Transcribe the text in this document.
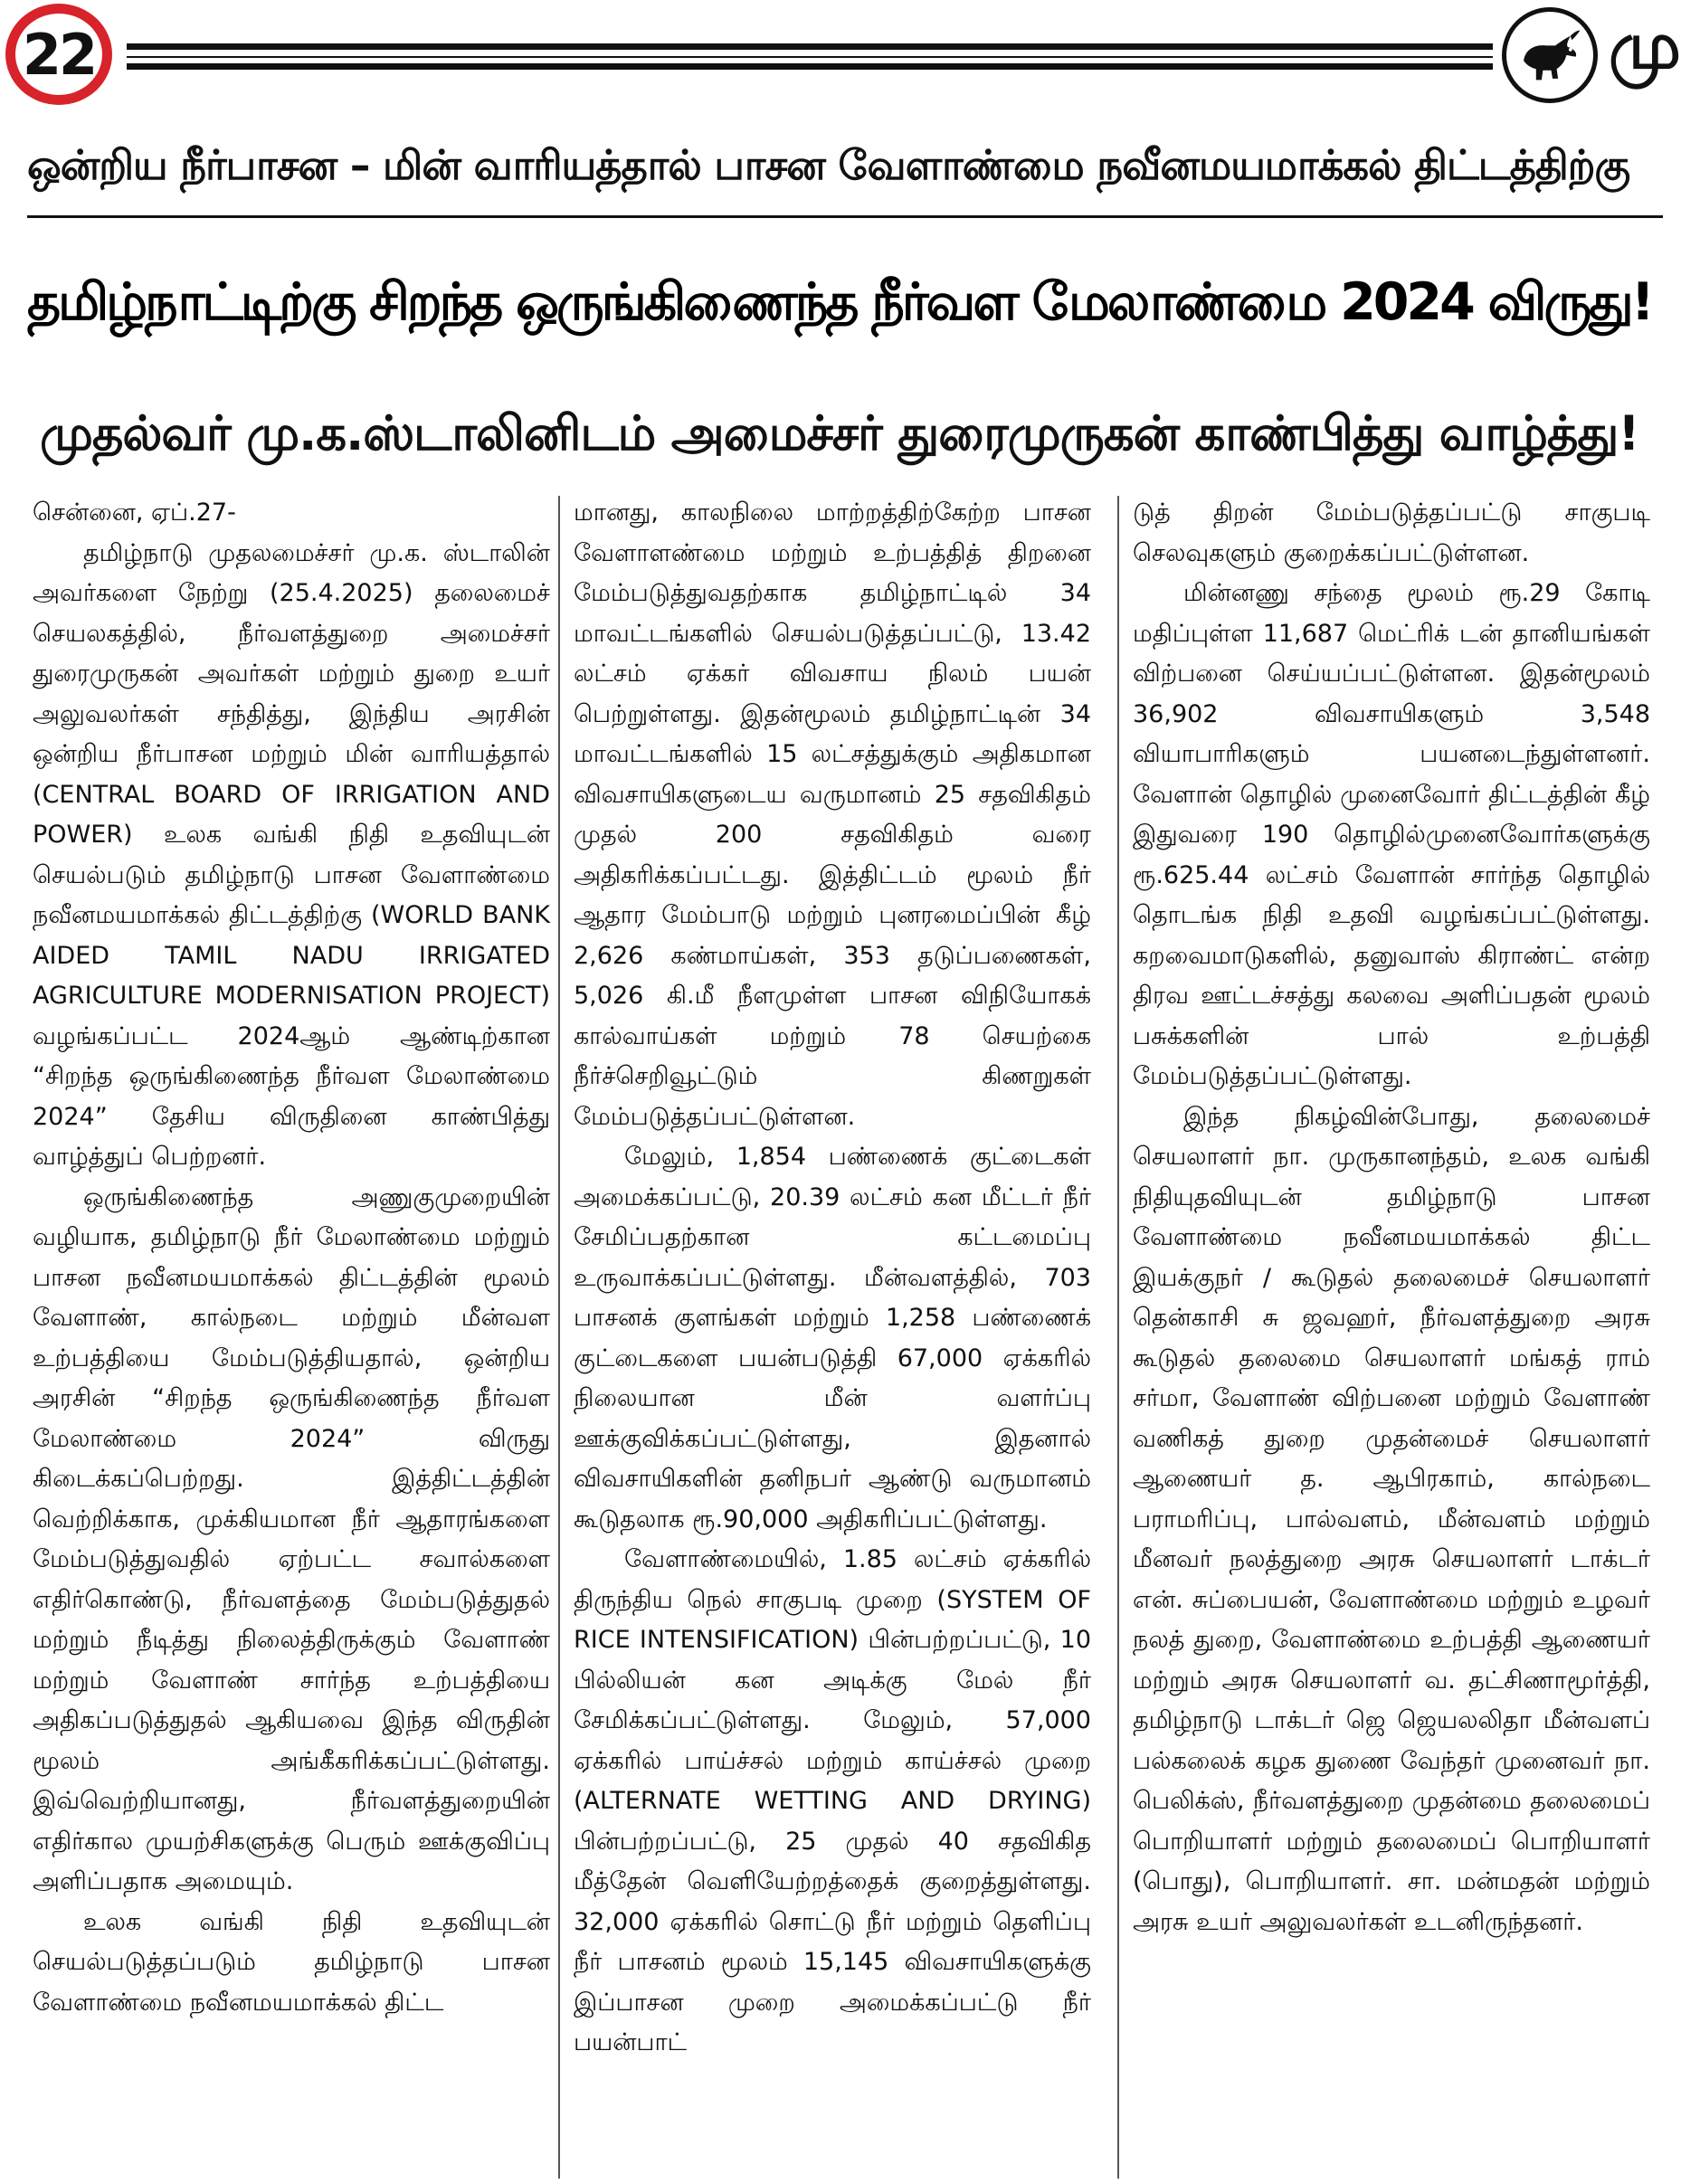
22	மு
ஒன்றிய நீர்பாசன – மின் வாரியத்தால் பாசன வேளாண்மை நவீனமயமாக்கல் திட்டத்திற்கு
தமிழ்நாட்டிற்கு சிறந்த ஒருங்கிணைந்த நீர்வள மேலாண்மை 2024 விருது!
முதல்வர் மு.க.ஸ்டாலினிடம் அமைச்சர் துரைமுருகன் காண்பித்து வாழ்த்து!

சென்னை, ஏப்.27-

தமிழ்நாடு முதலமைச்சர் மு.க. ஸ்டாலின் அவர்களை நேற்று (25.4.2025) தலைமைச் செயலகத்தில், நீர்வளத்துறை அமைச்சர் துரைமுருகன் அவர்கள் மற்றும் துறை உயர் அலுவலர்கள் சந்தித்து, இந்திய அரசின் ஒன்றிய நீர்பாசன மற்றும் மின் வாரியத்தால் (CENTRAL BOARD OF IRRIGATION AND POWER) உலக வங்கி நிதி உதவியுடன் செயல்படும் தமிழ்நாடு பாசன வேளாண்மை நவீனமயமாக்கல் திட்டத்திற்கு (WORLD BANK AIDED TAMIL NADU IRRIGATED AGRICULTURE MODERNISATION PROJECT) வழங்கப்பட்ட 2024ஆம் ஆண்டிற்கான “சிறந்த ஒருங்கிணைந்த நீர்வள மேலாண்மை 2024” தேசிய விருதினை காண்பித்து வாழ்த்துப் பெற்றனர்.

ஒருங்கிணைந்த அணுகுமுறையின் வழியாக, தமிழ்நாடு நீர் மேலாண்மை மற்றும் பாசன நவீனமயமாக்கல் திட்டத்தின் மூலம் வேளாண், கால்நடை மற்றும் மீன்வள உற்பத்தியை மேம்படுத்தியதால், ஒன்றிய அரசின் “சிறந்த ஒருங்கிணைந்த நீர்வள மேலாண்மை 2024” விருது கிடைக்கப்பெற்றது. இத்திட்டத்தின் வெற்றிக்காக, முக்கியமான நீர் ஆதாரங்களை மேம்படுத்துவதில் ஏற்பட்ட சவால்களை எதிர்கொண்டு, நீர்வளத்தை மேம்படுத்துதல் மற்றும் நீடித்து நிலைத்திருக்கும் வேளாண் மற்றும் வேளாண் சார்ந்த உற்பத்தியை அதிகப்படுத்துதல் ஆகியவை இந்த விருதின் மூலம் அங்கீகரிக்கப்பட்டுள்ளது. இவ்வெற்றியானது, நீர்வளத்துறையின் எதிர்கால முயற்சிகளுக்கு பெரும் ஊக்குவிப்பு அளிப்பதாக அமையும்.

உலக வங்கி நிதி உதவியுடன் செயல்படுத்தப்படும் தமிழ்நாடு பாசன வேளாண்மை நவீனமயமாக்கல் திட்ட

மானது, காலநிலை மாற்றத்திற்கேற்ற பாசன வேளாளண்மை மற்றும் உற்பத்தித் திறனை மேம்படுத்துவதற்காக தமிழ்நாட்டில் 34 மாவட்டங்களில் செயல்படுத்தப்பட்டு, 13.42 லட்சம் ஏக்கர் விவசாய நிலம் பயன் பெற்றுள்ளது. இதன்மூலம் தமிழ்நாட்டின் 34 மாவட்டங்களில் 15 லட்சத்துக்கும் அதிகமான விவசாயிகளுடைய வருமானம் 25 சதவிகிதம் முதல் 200 சதவிகிதம் வரை அதிகரிக்கப்பட்டது. இத்திட்டம் மூலம் நீர் ஆதார மேம்பாடு மற்றும் புனரமைப்பின் கீழ் 2,626 கண்மாய்கள், 353 தடுப்பணைகள், 5,026 கி.மீ நீளமுள்ள பாசன விநியோகக் கால்வாய்கள் மற்றும் 78 செயற்கை நீர்ச்செறிவூட்டும் கிணறுகள் மேம்படுத்தப்பட்டுள்ளன.

மேலும், 1,854 பண்ணைக் குட்டைகள் அமைக்கப்பட்டு, 20.39 லட்சம் கன மீட்டர் நீர் சேமிப்பதற்கான கட்டமைப்பு உருவாக்கப்பட்டுள்ளது. மீன்வளத்தில், 703 பாசனக் குளங்கள் மற்றும் 1,258 பண்ணைக் குட்டைகளை பயன்படுத்தி 67,000 ஏக்கரில் நிலையான மீன் வளர்ப்பு ஊக்குவிக்கப்பட்டுள்ளது, இதனால் விவசாயிகளின் தனிநபர் ஆண்டு வருமானம் கூடுதலாக ரூ.90,000 அதிகரிப்பட்டுள்ளது.

வேளாண்மையில், 1.85 லட்சம் ஏக்கரில் திருந்திய நெல் சாகுபடி முறை (SYSTEM OF RICE INTENSIFICATION) பின்பற்றப்பட்டு, 10 பில்லியன் கன அடிக்கு மேல் நீர் சேமிக்கப்பட்டுள்ளது. மேலும், 57,000 ஏக்கரில் பாய்ச்சல் மற்றும் காய்ச்சல் முறை (ALTERNATE WETTING AND DRYING) பின்பற்றப்பட்டு, 25 முதல் 40 சதவிகித மீத்தேன் வெளியேற்றத்தைக் குறைத்துள்ளது. 32,000 ஏக்கரில் சொட்டு நீர் மற்றும் தெளிப்பு நீர் பாசனம் மூலம் 15,145 விவசாயிகளுக்கு இப்பாசன முறை அமைக்கப்பட்டு நீர் பயன்பாட்

டுத் திறன் மேம்படுத்தப்பட்டு சாகுபடி செலவுகளும் குறைக்கப்பட்டுள்ளன.

மின்னணு சந்தை மூலம் ரூ.29 கோடி மதிப்புள்ள 11,687 மெட்ரிக் டன் தானியங்கள் விற்பனை செய்யப்பட்டுள்ளன. இதன்மூலம் 36,902 விவசாயிகளும் 3,548 வியாபாரிகளும் பயனடைந்துள்ளனர். வேளான் தொழில் முனைவோர் திட்டத்தின் கீழ் இதுவரை 190 தொழில்முனைவோர்களுக்கு ரூ.625.44 லட்சம் வேளான் சார்ந்த தொழில் தொடங்க நிதி உதவி வழங்கப்பட்டுள்ளது. கறவைமாடுகளில், தனுவாஸ் கிராண்ட் என்ற திரவ ஊட்டச்சத்து கலவை அளிப்பதன் மூலம் பசுக்களின் பால் உற்பத்தி மேம்படுத்தப்பட்டுள்ளது.

இந்த நிகழ்வின்போது, தலைமைச் செயலாளர் நா. முருகானந்தம், உலக வங்கி நிதியுதவியுடன் தமிழ்நாடு பாசன வேளாண்மை நவீனமயமாக்கல் திட்ட இயக்குநர் / கூடுதல் தலைமைச் செயலாளர் தென்காசி சு ஜவஹர், நீர்வளத்துறை அரசு கூடுதல் தலைமை செயலாளர் மங்கத் ராம் சர்மா, வேளாண் விற்பனை மற்றும் வேளாண் வணிகத் துறை முதன்மைச் செயலாளர் ஆணையர் த. ஆபிரகாம், கால்நடை பராமரிப்பு, பால்வளம், மீன்வளம் மற்றும் மீனவர் நலத்துறை அரசு செயலாளர் டாக்டர் என். சுப்பையன், வேளாண்மை மற்றும் உழவர் நலத் துறை, வேளாண்மை உற்பத்தி ஆணையர் மற்றும் அரசு செயலாளர் வ. தட்சிணாமூர்த்தி, தமிழ்நாடு டாக்டர் ஜெ ஜெயலலிதா மீன்வளப் பல்கலைக் கழக துணை வேந்தர் முனைவர் நா. பெலிக்ஸ், நீர்வளத்துறை முதன்மை தலைமைப் பொறியாளர் மற்றும் தலைமைப் பொறியாளர் (பொது), பொறியாளர். சா. மன்மதன் மற்றும் அரசு உயர் அலுவலர்கள் உடனிருந்தனர்.
